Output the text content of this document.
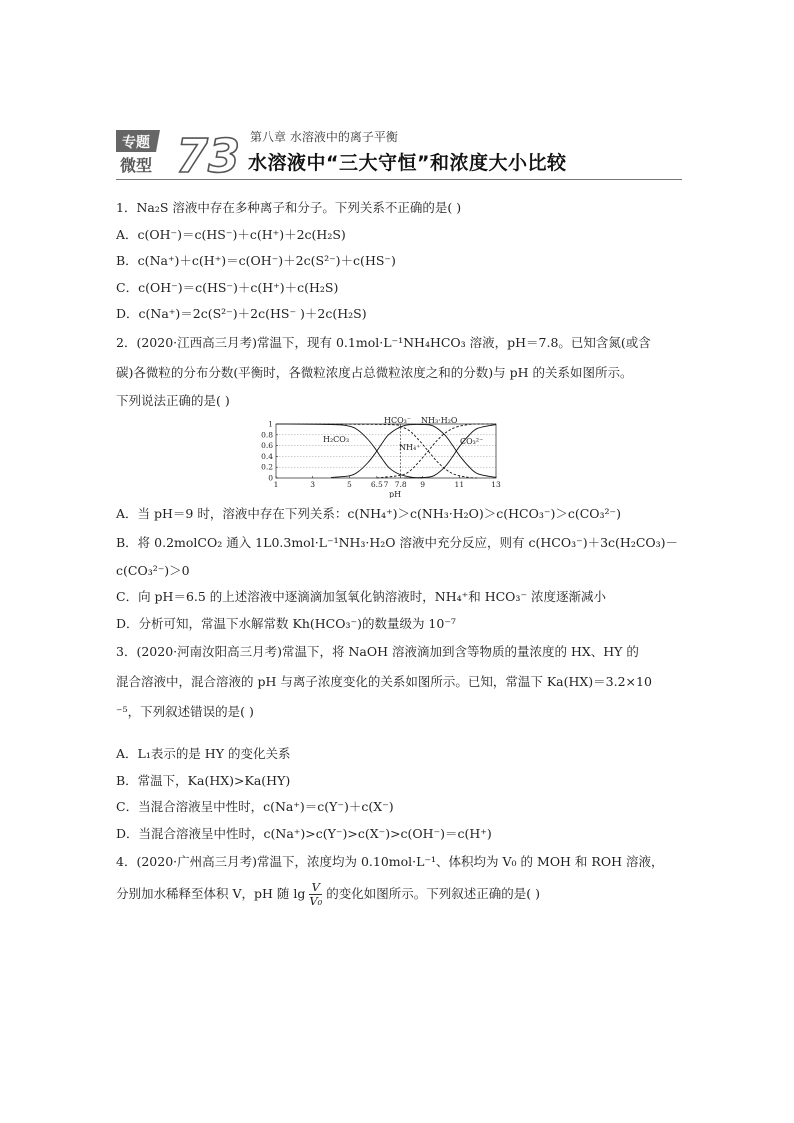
专题
微型 73 第八章 水溶液中的离子平衡
水溶液中“三大守恒”和浓度大小比较
1．Na₂S 溶液中存在多种离子和分子。下列关系不正确的是( )
A．c(OH⁻)＝c(HS⁻)＋c(H⁺)＋2c(H₂S)
B．c(Na⁺)＋c(H⁺)＝c(OH⁻)＋2c(S²⁻)＋c(HS⁻)
C．c(OH⁻)＝c(HS⁻)＋c(H⁺)＋c(H₂S)
D．c(Na⁺)＝2c(S²⁻)＋2c(HS⁻ )＋2c(H₂S)
2．(2020·江西高三月考)常温下，现有 0.1mol·L⁻¹NH₄HCO₃ 溶液，pH＝7.8。已知含氮(或含
碳)各微粒的分布分数(平衡时，各微粒浓度占总微粒浓度之和的分数)与 pH 的关系如图所示。
下列说法正确的是( )
0
0.2
0.4
0.6
0.8
1
1	3	5	6.5 7 7.8 9	11	13
HCO₃⁻ NH₃·H₂O
H₂CO₃
NH₄⁺
CO₃²⁻
pH
A．当 pH＝9 时，溶液中存在下列关系：c(NH₄⁺)＞c(NH₃·H₂O)＞c(HCO₃⁻)＞c(CO₃²⁻)
B．将 0.2molCO₂ 通入 1L0.3mol·L⁻¹NH₃·H₂O 溶液中充分反应，则有 c(HCO₃⁻)＋3c(H₂CO₃)－
c(CO₃²⁻)＞0
C．向 pH＝6.5 的上述溶液中逐滴滴加氢氧化钠溶液时，NH₄⁺和 HCO₃⁻ 浓度逐渐减小
D．分析可知，常温下水解常数 Kh(HCO₃⁻)的数量级为 10⁻⁷
3．(2020·河南汝阳高三月考)常温下，将 NaOH 溶液滴加到含等物质的量浓度的 HX、HY 的
混合溶液中，混合溶液的 pH 与离子浓度变化的关系如图所示。已知，常温下 Ka(HX)＝3.2×10
⁻⁵，下列叙述错误的是( )
A．L₁表示的是 HY 的变化关系
B．常温下，Ka(HX)>Ka(HY)
C．当混合溶液呈中性时，c(Na⁺)＝c(Y⁻)＋c(X⁻)
D．当混合溶液呈中性时，c(Na⁺)>c(Y⁻)>c(X⁻)>c(OH⁻)＝c(H⁺)
4．(2020·广州高三月考)常温下，浓度均为 0.10mol·L⁻¹、体积均为 V₀ 的 MOH 和 ROH 溶液，
分别加水稀释至体积 V，pH 随 $\lg \frac{V}{\text{V₀}}$ 的变化如图所示。下列叙述正确的是( )
